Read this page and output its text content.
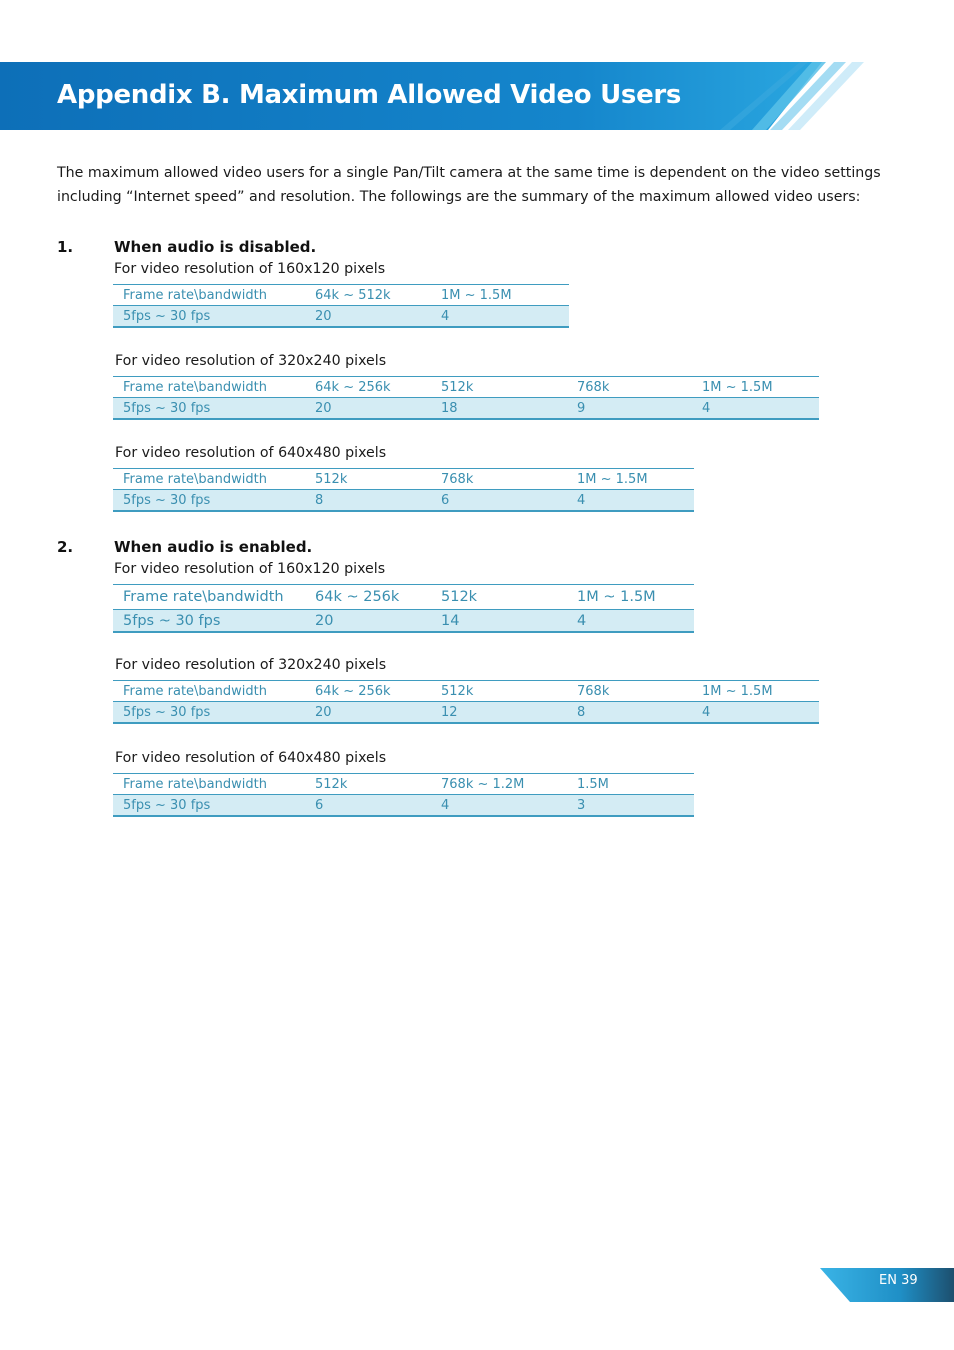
Appendix B. Maximum Allowed Video Users
The maximum allowed video users for a single Pan/Tilt camera at the same time is dependent on the video settings including “Internet speed” and resolution. The followings are the summary of the maximum allowed video users:
1.	When audio is disabled.
For video resolution of 160x120 pixels
Frame rate\bandwidth	64k ~ 512k	1M ~ 1.5M
5fps ~ 30 fps	20	4
For video resolution of 320x240 pixels
Frame rate\bandwidth	64k ~ 256k	512k	768k	1M ~ 1.5M
5fps ~ 30 fps	20	18	9	4
For video resolution of 640x480 pixels
Frame rate\bandwidth	512k	768k	1M ~ 1.5M
5fps ~ 30 fps	8	6	4
2.	When audio is enabled.
For video resolution of 160x120 pixels
Frame rate\bandwidth	64k ~ 256k	512k	1M ~ 1.5M
5fps ~ 30 fps	20	14	4
For video resolution of 320x240 pixels
Frame rate\bandwidth	64k ~ 256k	512k	768k	1M ~ 1.5M
5fps ~ 30 fps	20	12	8	4
For video resolution of 640x480 pixels
Frame rate\bandwidth	512k	768k ~ 1.2M	1.5M
5fps ~ 30 fps	6	4	3
EN 39
